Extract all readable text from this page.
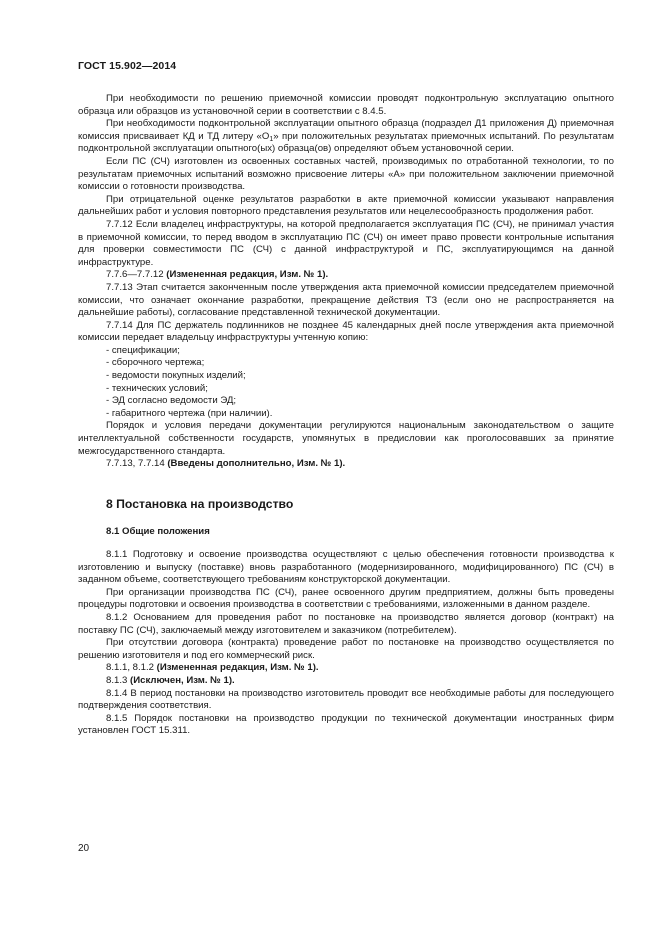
ГОСТ 15.902—2014

При необходимости по решению приемочной комиссии проводят подконтрольную эксплуатацию опытного образца или образцов из установочной серии в соответствии с 8.4.5.

При необходимости подконтрольной эксплуатации опытного образца (подраздел Д1 приложения Д) приемочная комиссия присваивает КД и ТД литеру «$О_1$» при положительных результатах приемочных испытаний. По результатам подконтрольной эксплуатации опытного(ых) образца(ов) определяют объем установочной серии.

Если ПС (СЧ) изготовлен из освоенных составных частей, производимых по отработанной технологии, то по результатам приемочных испытаний возможно присвоение литеры «А» при положительном заключении приемочной комиссии о готовности производства.

При отрицательной оценке результатов разработки в акте приемочной комиссии указывают направления дальнейших работ и условия повторного представления результатов или нецелесообразность продолжения работ.

7.7.12 Если владелец инфраструктуры, на которой предполагается эксплуатация ПС (СЧ), не принимал участия в приемочной комиссии, то перед вводом в эксплуатацию ПС (СЧ) он имеет право провести контрольные испытания для проверки совместимости ПС (СЧ) с данной инфраструктурой и ПС, эксплуатирующимся на данной инфраструктуре.

7.7.6—7.7.12 (Измененная редакция, Изм. № 1).

7.7.13 Этап считается законченным после утверждения акта приемочной комиссии председателем приемочной комиссии, что означает окончание разработки, прекращение действия ТЗ (если оно не распространяется на дальнейшие работы), согласование представленной технической документации.

7.7.14 Для ПС держатель подлинников не позднее 45 календарных дней после утверждения акта приемочной комиссии передает владельцу инфраструктуры учтенную копию:

- спецификации;

- сборочного чертежа;

- ведомости покупных изделий;

- технических условий;

- ЭД согласно ведомости ЭД;

- габаритного чертежа (при наличии).

Порядок и условия передачи документации регулируются национальным законодательством о защите интеллектуальной собственности государств, упомянутых в предисловии как проголосовавших за принятие межгосударственного стандарта.

7.7.13, 7.7.14 (Введены дополнительно, Изм. № 1).

8 Постановка на производство
8.1 Общие положения

8.1.1 Подготовку и освоение производства осуществляют с целью обеспечения готовности производства к изготовлению и выпуску (поставке) вновь разработанного (модернизированного, модифицированного) ПС (СЧ) в заданном объеме, соответствующего требованиям конструкторской документации.

При организации производства ПС (СЧ), ранее освоенного другим предприятием, должны быть проведены процедуры подготовки и освоения производства в соответствии с требованиями, изложенными в данном разделе.

8.1.2 Основанием для проведения работ по постановке на производство является договор (контракт) на поставку ПС (СЧ), заключаемый между изготовителем и заказчиком (потребителем).

При отсутствии договора (контракта) проведение работ по постановке на производство осуществляется по решению изготовителя и под его коммерческий риск.

8.1.1, 8.1.2 (Измененная редакция, Изм. № 1).

8.1.3 (Исключен, Изм. № 1).

8.1.4 В период постановки на производство изготовитель проводит все необходимые работы для последующего подтверждения соответствия.

8.1.5 Порядок постановки на производство продукции по технической документации иностранных фирм установлен ГОСТ 15.311.

20
